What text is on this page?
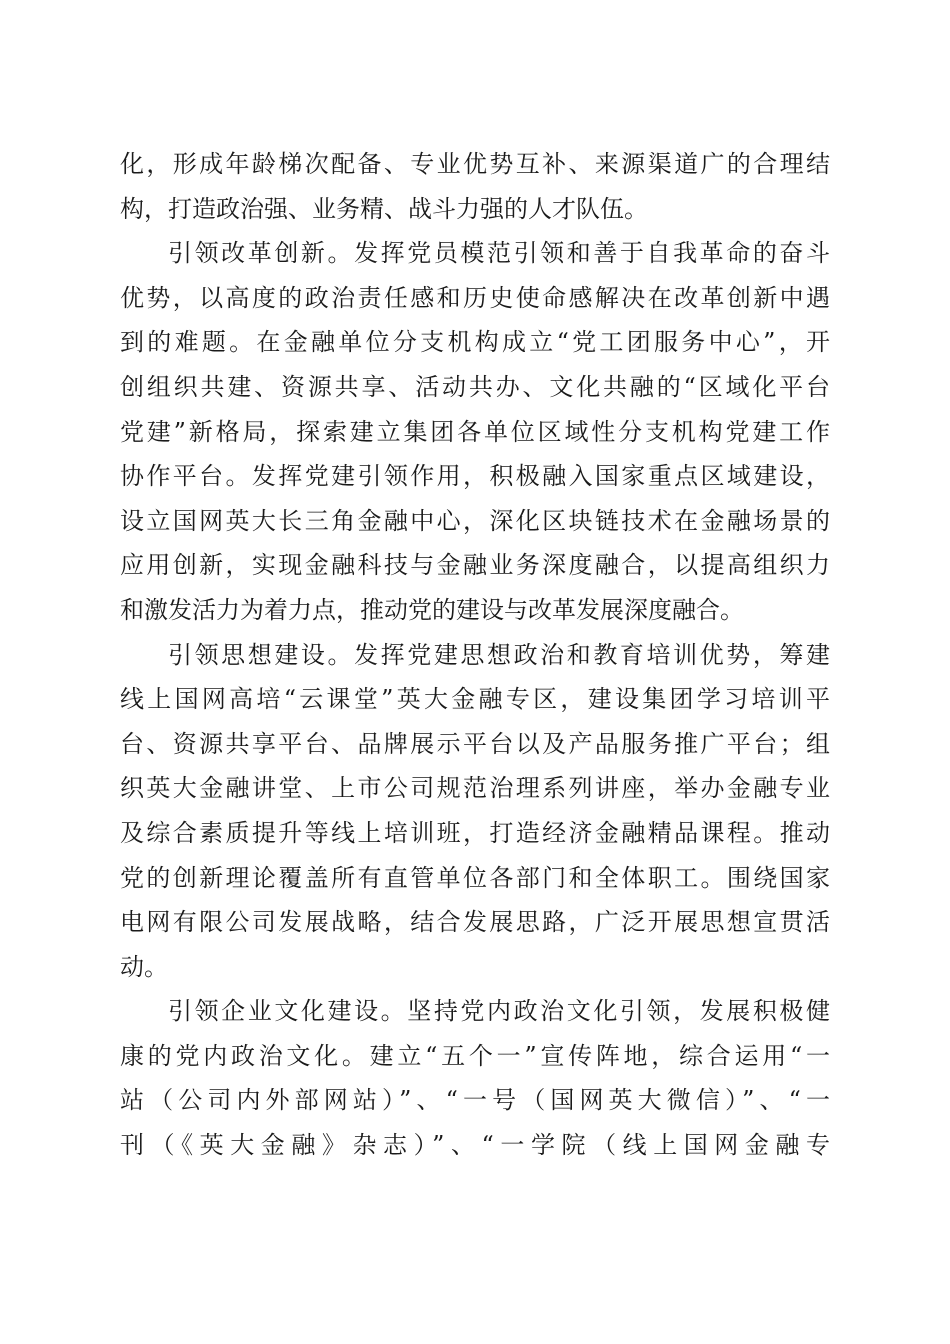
化，形成年龄梯次配备、专业优势互补、来源渠道广的合理结
构，打造政治强、业务精、战斗力强的人才队伍。
引领改革创新。发挥党员模范引领和善于自我革命的奋斗
优势，以高度的政治责任感和历史使命感解决在改革创新中遇
到的难题。在金融单位分支机构成立“党工团服务中心”，开
创组织共建、资源共享、活动共办、文化共融的“区域化平台
党建”新格局，探索建立集团各单位区域性分支机构党建工作
协作平台。发挥党建引领作用，积极融入国家重点区域建设，
设立国网英大长三角金融中心，深化区块链技术在金融场景的
应用创新，实现金融科技与金融业务深度融合，以提高组织力
和激发活力为着力点，推动党的建设与改革发展深度融合。
引领思想建设。发挥党建思想政治和教育培训优势，筹建
线上国网高培“云课堂”英大金融专区，建设集团学习培训平
台、资源共享平台、品牌展示平台以及产品服务推广平台；组
织英大金融讲堂、上市公司规范治理系列讲座，举办金融专业
及综合素质提升等线上培训班，打造经济金融精品课程。推动
党的创新理论覆盖所有直管单位各部门和全体职工。围绕国家
电网有限公司发展战略，结合发展思路，广泛开展思想宣贯活
动。
引领企业文化建设。坚持党内政治文化引领，发展积极健
康的党内政治文化。建立“五个一”宣传阵地，综合运用“一
站（公司内外部网站）”、“一号（国网英大微信）”、“一
刊（《英大金融》杂志）”、“一学院（线上国网金融专
